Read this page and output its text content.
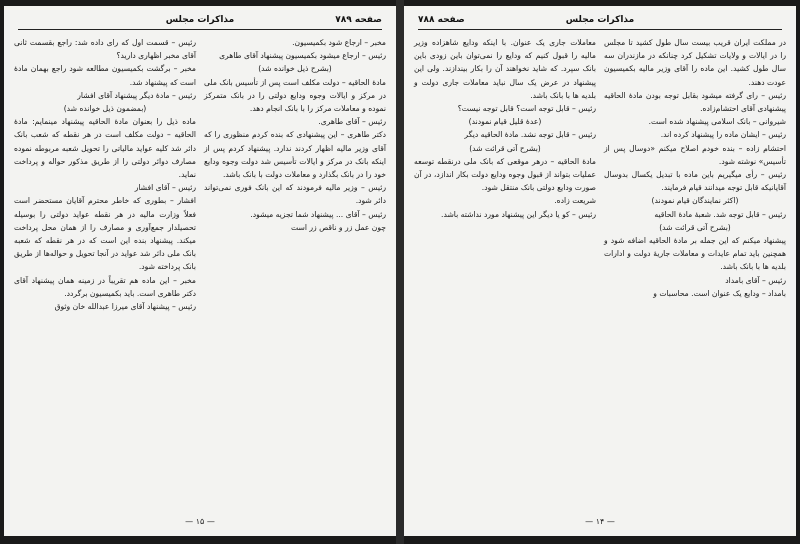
صفحه ۷۸۹
مذاکرات مجلس

مخبر – ارجاع شود بکمیسیون.

رئیس – ارجاع میشود بکمیسیون پیشنهاد آقای طاهری

(بشرح ذیل خوانده شد)

مادهٔ الحاقیه – دولت مکلف است پس از تأسیس بانک ملی در مرکز و ایالات وجوه ودایع دولتی را در بانک متمرکز نموده و معاملات مرکز را با بانک انجام دهد.

رئیس – آقای طاهری.

دکتر طاهری – این پیشنهادی که بنده کردم منظوری را که آقای وزیر مالیه اظهار کردند ندارد. پیشنهاد کردم پس از اینکه بانک در مرکز و ایالات تأسیس شد دولت وجوه ودایع خود را در بانک بگذارد و معاملات دولت با بانک باشد.

رئیس – وزیر مالیه فرمودند که این بانک فوری نمی‌تواند دائر شود.

رئیس – آقای ... پیشنهاد شما تجزیه میشود.

چون عمل زر و ناقص زر است

رئیس – قسمت اول که رای داده شد: راجع بقسمت ثانی آقای مخبر اظهاری دارید؟

مخبر – برگشت بکمیسیون مطالعه شود راجع بهمان مادهٔ است که پیشنهاد شد.

رئیس – مادهٔ دیگر پیشنهاد آقای افشار

(بمضمون ذیل خوانده شد)

ماده ذیل را بعنوان مادهٔ الحاقیه پیشنهاد مینمایم: مادهٔ الحاقیه – دولت مکلف است در هر نقطه که شعب بانک دائر شد کلیه عواید مالیاتی را تحویل شعبه مربوطه نموده مصارف دوائر دولتی را از طریق مذکور حواله و پرداخت نماید.

رئیس – آقای افشار

افشار – بطوری که خاطر محترم آقایان مستحضر است فعلاً وزارت مالیه در هر نقطه عواید دولتی را بوسیله تحصیلدار جمع‌آوری و مصارف را از همان محل پرداخت میکند. پیشنهاد بنده این است که در هر نقطه که شعبه بانک ملی دائر شد عواید در آنجا تحویل و حواله‌ها از طریق بانک پرداخته شود.

مخبر – این ماده هم تقریباً در زمینه همان پیشنهاد آقای دکتر طاهری است. باید بکمیسیون برگردد.

رئیس – پیشنهاد آقای میرزا عبدالله خان وثوق

— ۱۵ —
صفحه ۷۸۸	مذاکرات مجلس

در مملکت ایران قریب بیست سال طول کشید تا مجلس را در ایالات و ولایات تشکیل کرد چنانکه در مازندران سه سال طول کشید. این ماده را آقای وزیر مالیه بکمیسیون عودت دهند.

رئیس – رای گرفته میشود بقابل توجه بودن مادهٔ الحاقیه پیشنهادی آقای احتشام‌زاده.

شیروانی – بانک اسلامی پیشنهاد شده است.

رئیس – ایشان ماده را پیشنهاد کرده اند.

احتشام زاده – بنده خودم اصلاح میکنم «دوسال پس از تأسیس» نوشته شود.

رئیس – رأی میگیریم باین ماده با تبدیل یکسال بدوسال آقایانیکه قابل توجه میدانند قیام فرمایند.

(اکثر نمایندگان قیام نمودند)

رئیس – قابل توجه شد. شعبهٔ مادهٔ الحاقیه

(بشرح آتی قرائت شد)

پیشنهاد میکنم که این جمله بر مادهٔ الحاقیه اضافه شود و همچنین باید تمام عایدات و معاملات جاریهٔ دولت و ادارات بلدیه ها با بانک باشد.

رئیس – آقای بامداد

بامداد – ودایع یک عنوان است. محاسبات و

معاملات جاری یک عنوان. با اینکه ودایع شاهزاده وزیر مالیه را قبول کنیم که ودایع را نمی‌توان باین زودی باین بانک سپرد. که شاید نخواهند آن را بکار بیندازند. ولی این پیشنهاد در عرض یک سال نباید معاملات جاری دولت و بلدیه ها با بانک باشد.

رئیس – قابل توجه است؟ قابل توجه نیست؟

(عدهٔ قلیل قیام نمودند)

رئیس – قابل توجه نشد. مادهٔ الحاقیه دیگر

(بشرح آتی قرائت شد)

مادهٔ الحاقیه – درهر موقعی که بانک ملی درنقطه توسعه عملیات بتواند از قبول وجوه ودایع دولت بکار اندازد، در آن صورت ودایع دولتی بانک منتقل شود.

شریعت زاده.

رئیس – کو یا دیگر این پیشنهاد مورد نداشته باشد.

— ۱۴ —
